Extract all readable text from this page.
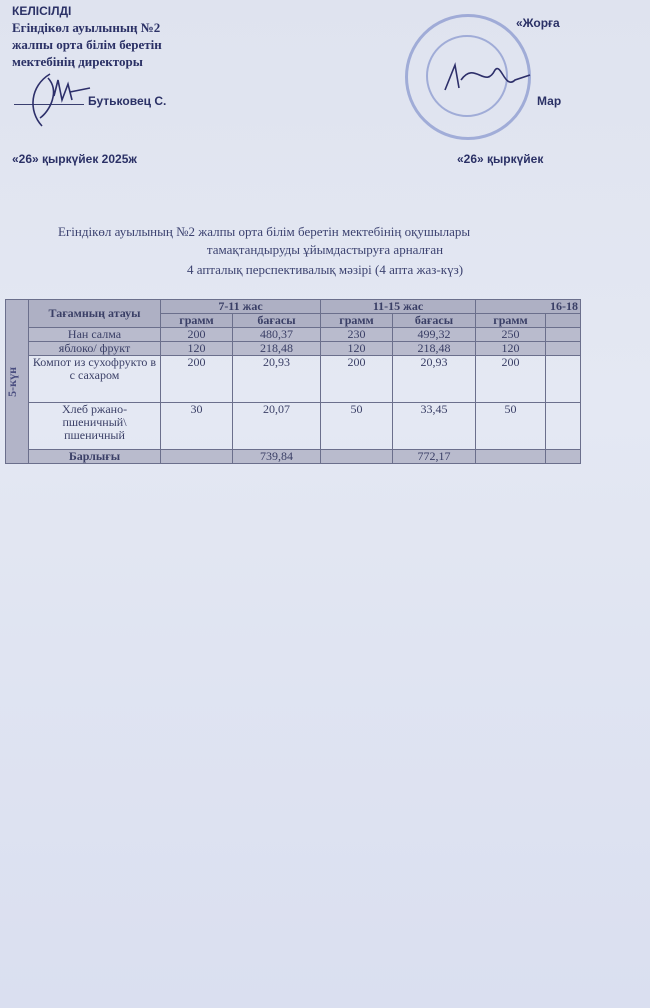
КЕЛІСІЛДІ
Егіндікөл ауылының №2
жалпы орта білім беретін
мектебінің директоры
Бутьковец С.
«26» қыркүйек 2025ж
«Жорға
Мар
«26» қыркүйек
Егіндікөл ауылының №2 жалпы орта білім беретін мектебінің оқушылары
тамақтандыруды ұйымдастыруға арналған
4 апталық перспективалық мәзірі (4 апта жаз-күз)
5-күн	Тағамның атауы	7-11 жас		11-15 жас		16-18	
		грамм	бағасы	грамм	бағасы	грамм	
	Нан салма	200	480,37	230	499,32	250	
	яблоко/ фрукт	120	218,48	120	218,48	120	
	Компот из сухофрукто в с сахаром	200	20,93	200	20,93	200	
	Хлеб ржано-пшеничный\ пшеничный	30	20,07	50	33,45	50	
	Барлығы		739,84		772,17		
